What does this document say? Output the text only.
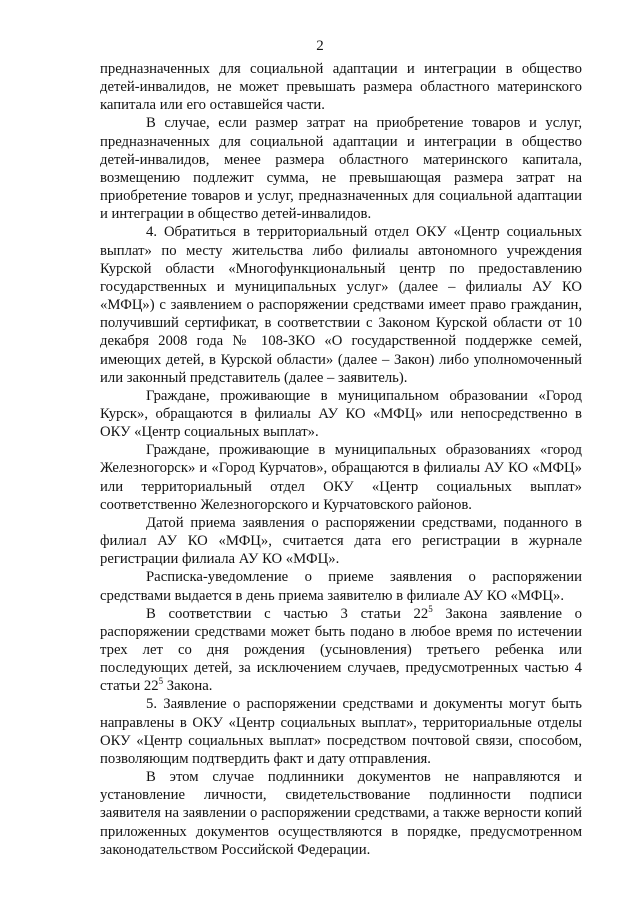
2

предназначенных для социальной адаптации и интеграции в общество детей-инвалидов, не может превышать размера областного материнского капитала или его оставшейся части.

В случае, если размер затрат на приобретение товаров и услуг, предназначенных для социальной адаптации и интеграции в общество детей-инвалидов, менее размера областного материнского капитала, возмещению подлежит сумма, не превышающая размера затрат на приобретение товаров и услуг, предназначенных для социальной адаптации и интеграции в общество детей-инвалидов.

4. Обратиться в территориальный отдел ОКУ «Центр социальных выплат» по месту жительства либо филиалы автономного учреждения Курской области «Многофункциональный центр по предоставлению государственных и муниципальных услуг» (далее – филиалы АУ КО «МФЦ») с заявлением о распоряжении средствами имеет право гражданин, получивший сертификат, в соответствии с Законом Курской области от 10 декабря 2008 года № 108-ЗКО «О государственной поддержке семей, имеющих детей, в Курской области» (далее – Закон) либо уполномоченный или законный представитель (далее – заявитель).

Граждане, проживающие в муниципальном образовании «Город Курск», обращаются в филиалы АУ КО «МФЦ» или непосредственно в ОКУ «Центр социальных выплат».

Граждане, проживающие в муниципальных образованиях «город Железногорск» и «Город Курчатов», обращаются в филиалы АУ КО «МФЦ» или территориальный отдел ОКУ «Центр социальных выплат» соответственно Железногорского и Курчатовского районов.

Датой приема заявления о распоряжении средствами, поданного в филиал АУ КО «МФЦ», считается дата его регистрации в журнале регистрации филиала АУ КО «МФЦ».

Расписка-уведомление о приеме заявления о распоряжении средствами выдается в день приема заявителю в филиале АУ КО «МФЦ».

В соответствии с частью 3 статьи $22^5$ Закона заявление о распоряжении средствами может быть подано в любое время по истечении трех лет со дня рождения (усыновления) третьего ребенка или последующих детей, за исключением случаев, предусмотренных частью 4 статьи $22^5$ Закона.

5. Заявление о распоряжении средствами и документы могут быть направлены в ОКУ «Центр социальных выплат», территориальные отделы ОКУ «Центр социальных выплат» посредством почтовой связи, способом, позволяющим подтвердить факт и дату отправления.

В этом случае подлинники документов не направляются и установление личности, свидетельствование подлинности подписи заявителя на заявлении о распоряжении средствами, а также верности копий приложенных документов осуществляются в порядке, предусмотренном законодательством Российской Федерации.
